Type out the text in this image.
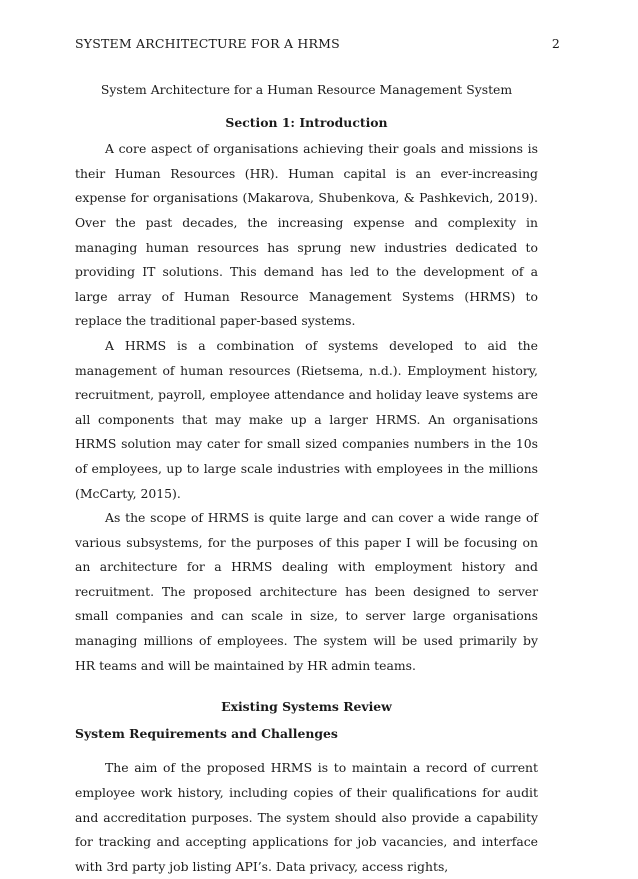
SYSTEM ARCHITECTURE FOR A HRMS	2
System Architecture for a Human Resource Management System
Section 1: Introduction

A core aspect of organisations achieving their goals and missions is their Human Resources (HR). Human capital is an ever-increasing expense for organisations (Makarova, Shubenkova, & Pashkevich, 2019). Over the past decades, the increasing expense and complexity in managing human resources has sprung new industries dedicated to providing IT solutions. This demand has led to the development of a large array of Human Resource Management Systems (HRMS) to replace the traditional paper-based systems.

A HRMS is a combination of systems developed to aid the management of human resources (Rietsema, n.d.). Employment history, recruitment, payroll, employee attendance and holiday leave systems are all components that may make up a larger HRMS. An organisations HRMS solution may cater for small sized companies numbers in the 10s of employees, up to large scale industries with employees in the millions (McCarty, 2015).

As the scope of HRMS is quite large and can cover a wide range of various subsystems, for the purposes of this paper I will be focusing on an architecture for a HRMS dealing with employment history and recruitment. The proposed architecture has been designed to server small companies and can scale in size, to server large organisations managing millions of employees. The system will be used primarily by HR teams and will be maintained by HR admin teams.

Existing Systems Review
System Requirements and Challenges

The aim of the proposed HRMS is to maintain a record of current employee work history, including copies of their qualifications for audit and accreditation purposes. The system should also provide a capability for tracking and accepting applications for job vacancies, and interface with 3rd party job listing API’s. Data privacy, access rights,
